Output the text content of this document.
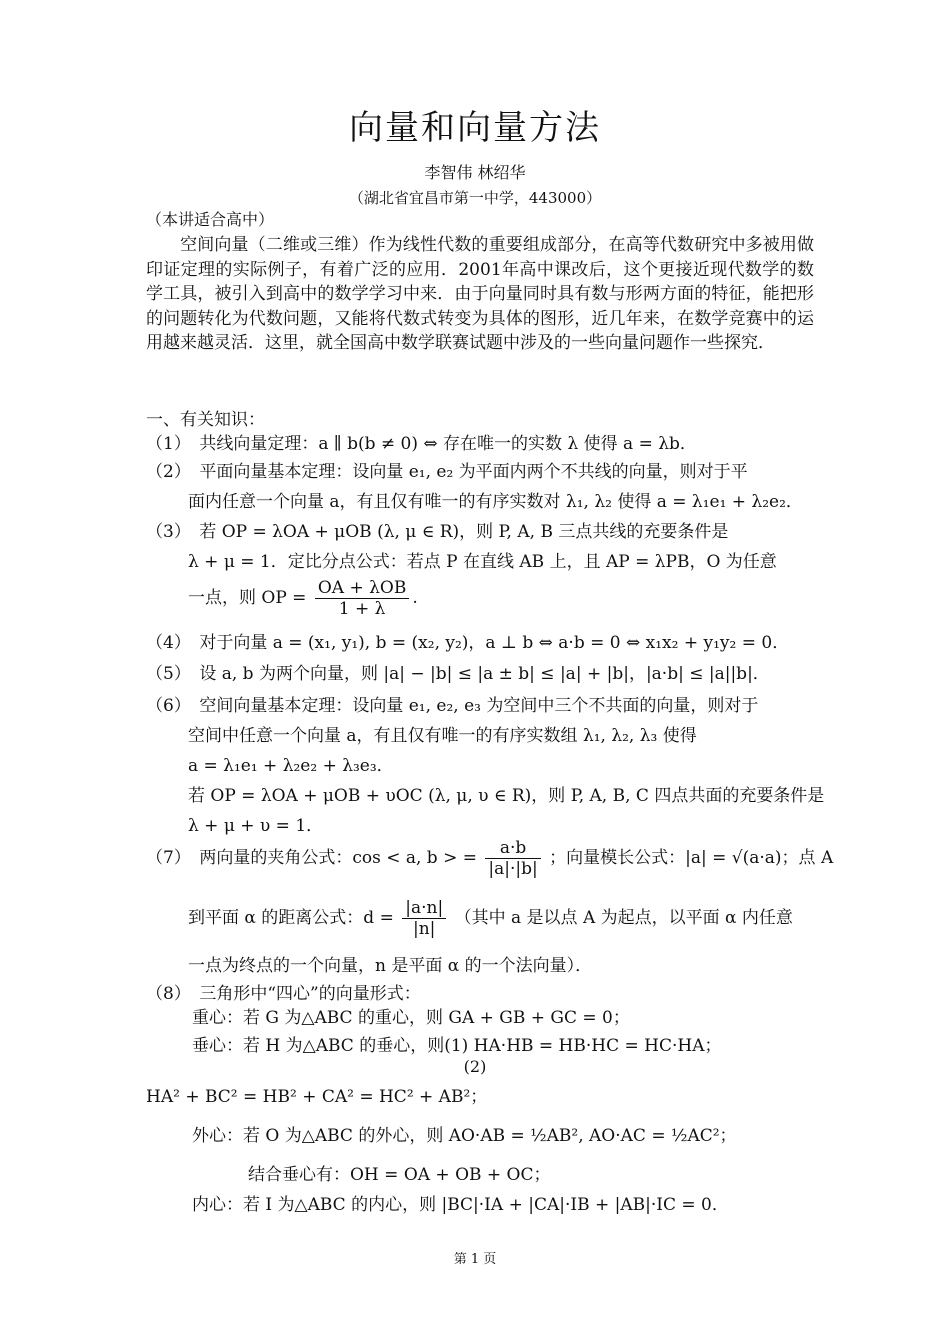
向量和向量方法
李智伟 林绍华
（湖北省宜昌市第一中学，443000）
（本讲适合高中）

空间向量（二维或三维）作为线性代数的重要组成部分，在高等代数研究中多被用做印证定理的实际例子，有着广泛的应用．2001年高中课改后，这个更接近现代数学的数学工具，被引入到高中的数学学习中来．由于向量同时具有数与形两方面的特征，能把形的问题转化为代数问题，又能将代数式转变为具体的图形，近几年来，在数学竞赛中的运用越来越灵活．这里，就全国高中数学联赛试题中涉及的一些向量问题作一些探究．

一、有关知识：
（1）　共线向量定理：a ∥ b(b ≠ 0) ⇔ 存在唯一的实数 λ 使得 a = λb．
（2）　平面向量基本定理：设向量 e₁, e₂ 为平面内两个不共线的向量，则对于平
面内任意一个向量 a，有且仅有唯一的有序实数对 λ₁, λ₂ 使得 a = λ₁e₁ + λ₂e₂．
（3）　若 OP = λOA + μOB (λ, μ ∈ R)，则 P, A, B 三点共线的充要条件是
λ + μ = 1．定比分点公式：若点 P 在直线 AB 上，且 AP = λPB，O 为任意
一点，则 OP = $\frac{\text{OA + λOB}}{1 + \lambda}$ .
（4）　对于向量 a = (x₁, y₁), b = (x₂, y₂)，a ⊥ b ⇔ a·b = 0 ⇔ x₁x₂ + y₁y₂ = 0．
（5）　设 a, b 为两个向量，则 |a| − |b| ≤ |a ± b| ≤ |a| + |b|，|a·b| ≤ |a||b|．
（6）　空间向量基本定理：设向量 e₁, e₂, e₃ 为空间中三个不共面的向量，则对于
空间中任意一个向量 a，有且仅有唯一的有序实数组 λ₁, λ₂, λ₃ 使得
a = λ₁e₁ + λ₂e₂ + λ₃e₃．
若 OP = λOA + μOB + υOC (λ, μ, υ ∈ R)，则 P, A, B, C 四点共面的充要条件是
λ + μ + υ = 1．
（7）　两向量的夹角公式：cos < a, b > = $\frac{a\cdot b}{|a|\cdot|b|}$ ；向量模长公式：|a| = √(a·a)；点 A
到平面 α 的距离公式：$d = \frac{|a\cdot n|}{|n|}$ （其中 a 是以点 A 为起点，以平面 α 内任意
一点为终点的一个向量，n 是平面 α 的一个法向量）．
（8）　三角形中“四心”的向量形式：
重心：若 G 为△ABC 的重心，则 GA + GB + GC = 0；
垂心：若 H 为△ABC 的垂心，则(1) HA·HB = HB·HC = HC·HA；
(2)
HA² + BC² = HB² + CA² = HC² + AB²；
外心：若 O 为△ABC 的外心，则 AO·AB = ½AB², AO·AC = ½AC²；
结合垂心有：OH = OA + OB + OC；
内心：若 I 为△ABC 的内心，则 |BC|·IA + |CA|·IB + |AB|·IC = 0．
第 1 页
